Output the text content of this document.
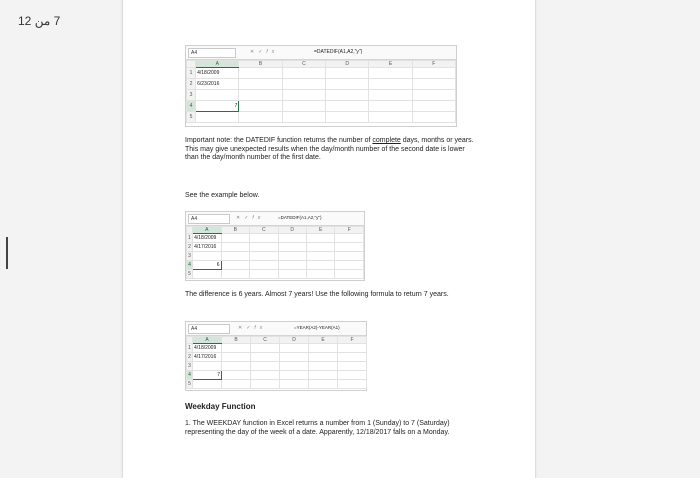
7 من 12
A4	✕✓fx	=DATEDIF(A1,A2,"y")
	A	B	C	D	E	F
1	4/18/2009					
2	6/23/2016					
3						
4	7					
5						
Important note: the DATEDIF function returns the number of complete days, months or years. This may give unexpected results when the day/month number of the second date is lower than the day/month number of the first date.
See the example below.
A4	✕✓fx	=DATEDIF(A1,A2,"y")
	A	B	C	D	E	F
1	4/18/2009					
2	4/17/2016					
3						
4	6					
5						
The difference is 6 years. Almost 7 years! Use the following formula to return 7 years.
A4	✕✓fx	=YEAR(A2)-YEAR(A1)
	A	B	C	D	E	F
1	4/18/2009					
2	4/17/2016					
3						
4	7					
5						
Weekday Function
1. The WEEKDAY function in Excel returns a number from 1 (Sunday) to 7 (Saturday) representing the day of the week of a date. Apparently, 12/18/2017 falls on a Monday.
